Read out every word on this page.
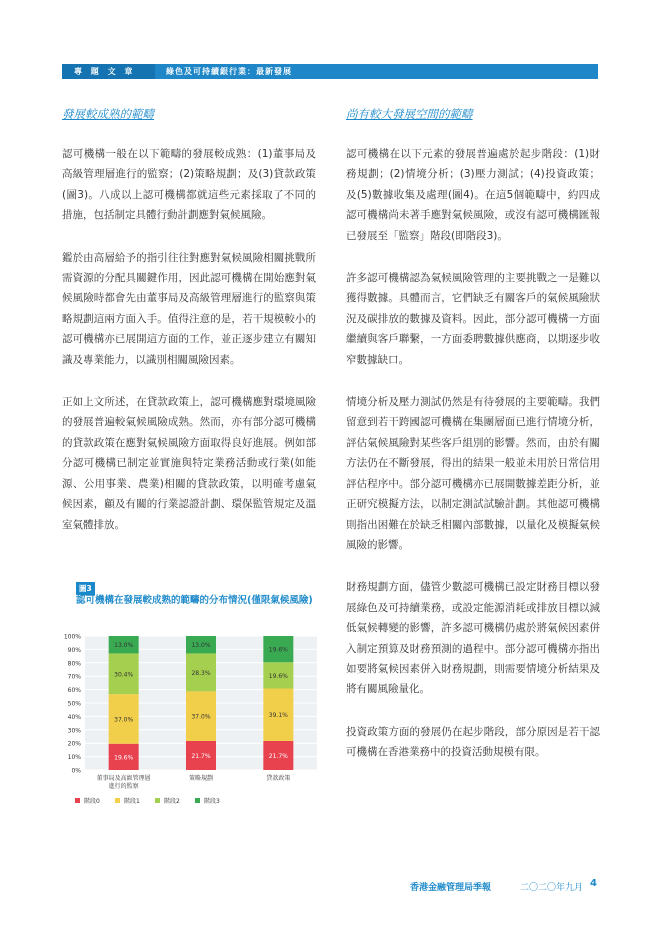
專 題 文 章	綠色及可持續銀行業：最新發展
發展較成熟的範疇

認可機構一般在以下範疇的發展較成熟：(1)董事局及高級管理層進行的監察；(2)策略規劃；及(3)貸款政策(圖3)。八成以上認可機構都就這些元素採取了不同的措施，包括制定具體行動計劃應對氣候風險。

鑑於由高層給予的指引往往對應對氣候風險相關挑戰所需資源的分配具關鍵作用，因此認可機構在開始應對氣候風險時都會先由董事局及高級管理層進行的監察與策略規劃這兩方面入手。值得注意的是，若干規模較小的認可機構亦已展開這方面的工作，並正逐步建立有關知識及專業能力，以識別相關風險因素。

正如上文所述，在貸款政策上，認可機構應對環境風險的發展普遍較氣候風險成熟。然而，亦有部分認可機構的貸款政策在應對氣候風險方面取得良好進展。例如部分認可機構已制定並實施與特定業務活動或行業(如能源、公用事業、農業)相關的貸款政策，以明確考慮氣候因素，顧及有關的行業認證計劃、環保監管規定及溫室氣體排放。

尚有較大發展空間的範疇

認可機構在以下元素的發展普遍處於起步階段：(1)財務規劃；(2)情境分析；(3)壓力測試；(4)投資政策；及(5)數據收集及處理(圖4)。在這5個範疇中，約四成認可機構尚未著手應對氣候風險，或沒有認可機構匯報已發展至「監察」階段(即階段3)。

許多認可機構認為氣候風險管理的主要挑戰之一是難以獲得數據。具體而言，它們缺乏有關客戶的氣候風險狀況及碳排放的數據及資料。因此，部分認可機構一方面繼續與客戶聯繫，一方面委聘數據供應商，以期逐步收窄數據缺口。

情境分析及壓力測試仍然是有待發展的主要範疇。我們留意到若干跨國認可機構在集團層面已進行情境分析，評估氣候風險對某些客戶組別的影響。然而，由於有關方法仍在不斷發展，得出的結果一般並未用於日常信用評估程序中。部分認可機構亦已展開數據差距分析，並正研究模擬方法，以制定測試試驗計劃。其他認可機構則指出困難在於缺乏相關內部數據，以量化及模擬氣候風險的影響。

財務規劃方面，儘管少數認可機構已設定財務目標以發展綠色及可持續業務，或設定能源消耗或排放目標以減低氣候轉變的影響，許多認可機構仍處於將氣候因素併入制定預算及財務預測的過程中。部分認可機構亦指出如要將氣候因素併入財務規劃，則需要情境分析結果及將有關風險量化。

投資政策方面的發展仍在起步階段，部分原因是若干認可機構在香港業務中的投資活動規模有限。

圖3
認可機構在發展較成熟的範疇的分布情況(僅限氣候風險)
0%
10%
20%
30%
40%
50%
60%
70%
80%
90%
100%
19.6%
37.0%
30.4%
13.0%
董事局及高級管理層
進行的監察
21.7%
37.0%
28.3%
13.0%
策略規劃
21.7%
39.1%
19.6%
19.6%
貸款政策
階段0	階段1	階段2	階段3
香港金融管理局季報	二〇二〇年九月 4
